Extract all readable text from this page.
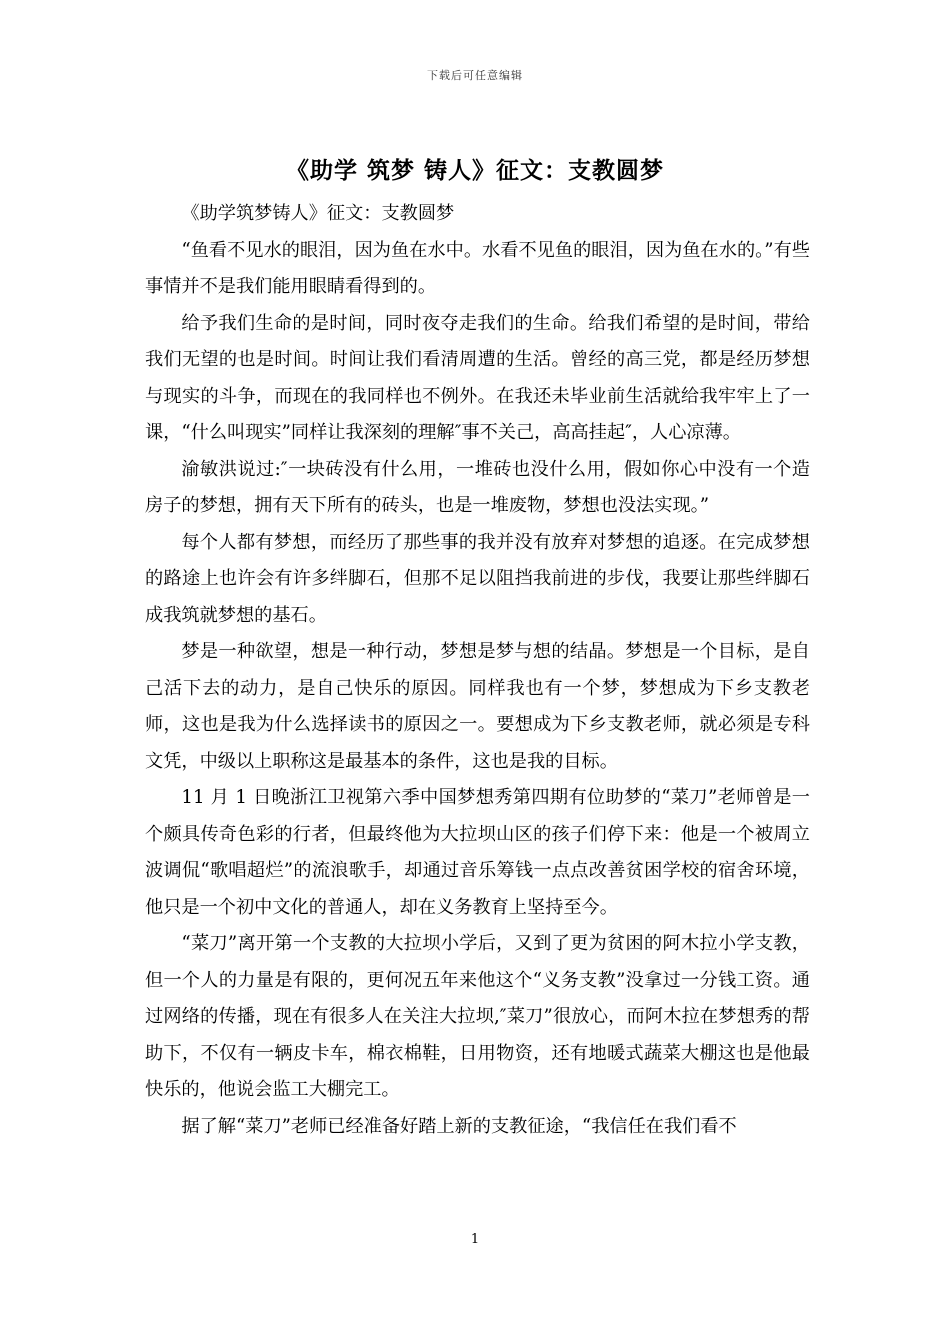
下载后可任意编辑
《助学 筑梦 铸人》征文：支教圆梦

《助学筑梦铸人》征文：支教圆梦

“鱼看不见水的眼泪，因为鱼在水中。水看不见鱼的眼泪，因为鱼在水的。”有些事情并不是我们能用眼睛看得到的。

给予我们生命的是时间，同时夜夺走我们的生命。给我们希望的是时间，带给我们无望的也是时间。时间让我们看清周遭的生活。曾经的高三党，都是经历梦想与现实的斗争，而现在的我同样也不例外。在我还未毕业前生活就给我牢牢上了一课，“什么叫现实”同样让我深刻的理解″事不关己，高高挂起″，人心凉薄。

渝敏洪说过:″一块砖没有什么用，一堆砖也没什么用，假如你心中没有一个造房子的梦想，拥有天下所有的砖头，也是一堆废物，梦想也没法实现。”

每个人都有梦想，而经历了那些事的我并没有放弃对梦想的追逐。在完成梦想的路途上也许会有许多绊脚石，但那不足以阻挡我前进的步伐，我要让那些绊脚石成我筑就梦想的基石。

梦是一种欲望，想是一种行动，梦想是梦与想的结晶。梦想是一个目标，是自己活下去的动力，是自己快乐的原因。同样我也有一个梦，梦想成为下乡支教老师，这也是我为什么选择读书的原因之一。要想成为下乡支教老师，就必须是专科文凭，中级以上职称这是最基本的条件，这也是我的目标。

11 月 1 日晚浙江卫视第六季中国梦想秀第四期有位助梦的“菜刀”老师曾是一个颇具传奇色彩的行者，但最终他为大拉坝山区的孩子们停下来：他是一个被周立波调侃“歌唱超烂”的流浪歌手，却通过音乐筹钱一点点改善贫困学校的宿舍环境，他只是一个初中文化的普通人，却在义务教育上坚持至今。

“菜刀”离开第一个支教的大拉坝小学后，又到了更为贫困的阿木拉小学支教，但一个人的力量是有限的，更何况五年来他这个“义务支教”没拿过一分钱工资。通过网络的传播，现在有很多人在关注大拉坝,″菜刀”很放心，而阿木拉在梦想秀的帮助下，不仅有一辆皮卡车，棉衣棉鞋，日用物资，还有地暖式蔬菜大棚这也是他最快乐的，他说会监工大棚完工。

据了解“菜刀”老师已经准备好踏上新的支教征途，“我信任在我们看不

1
